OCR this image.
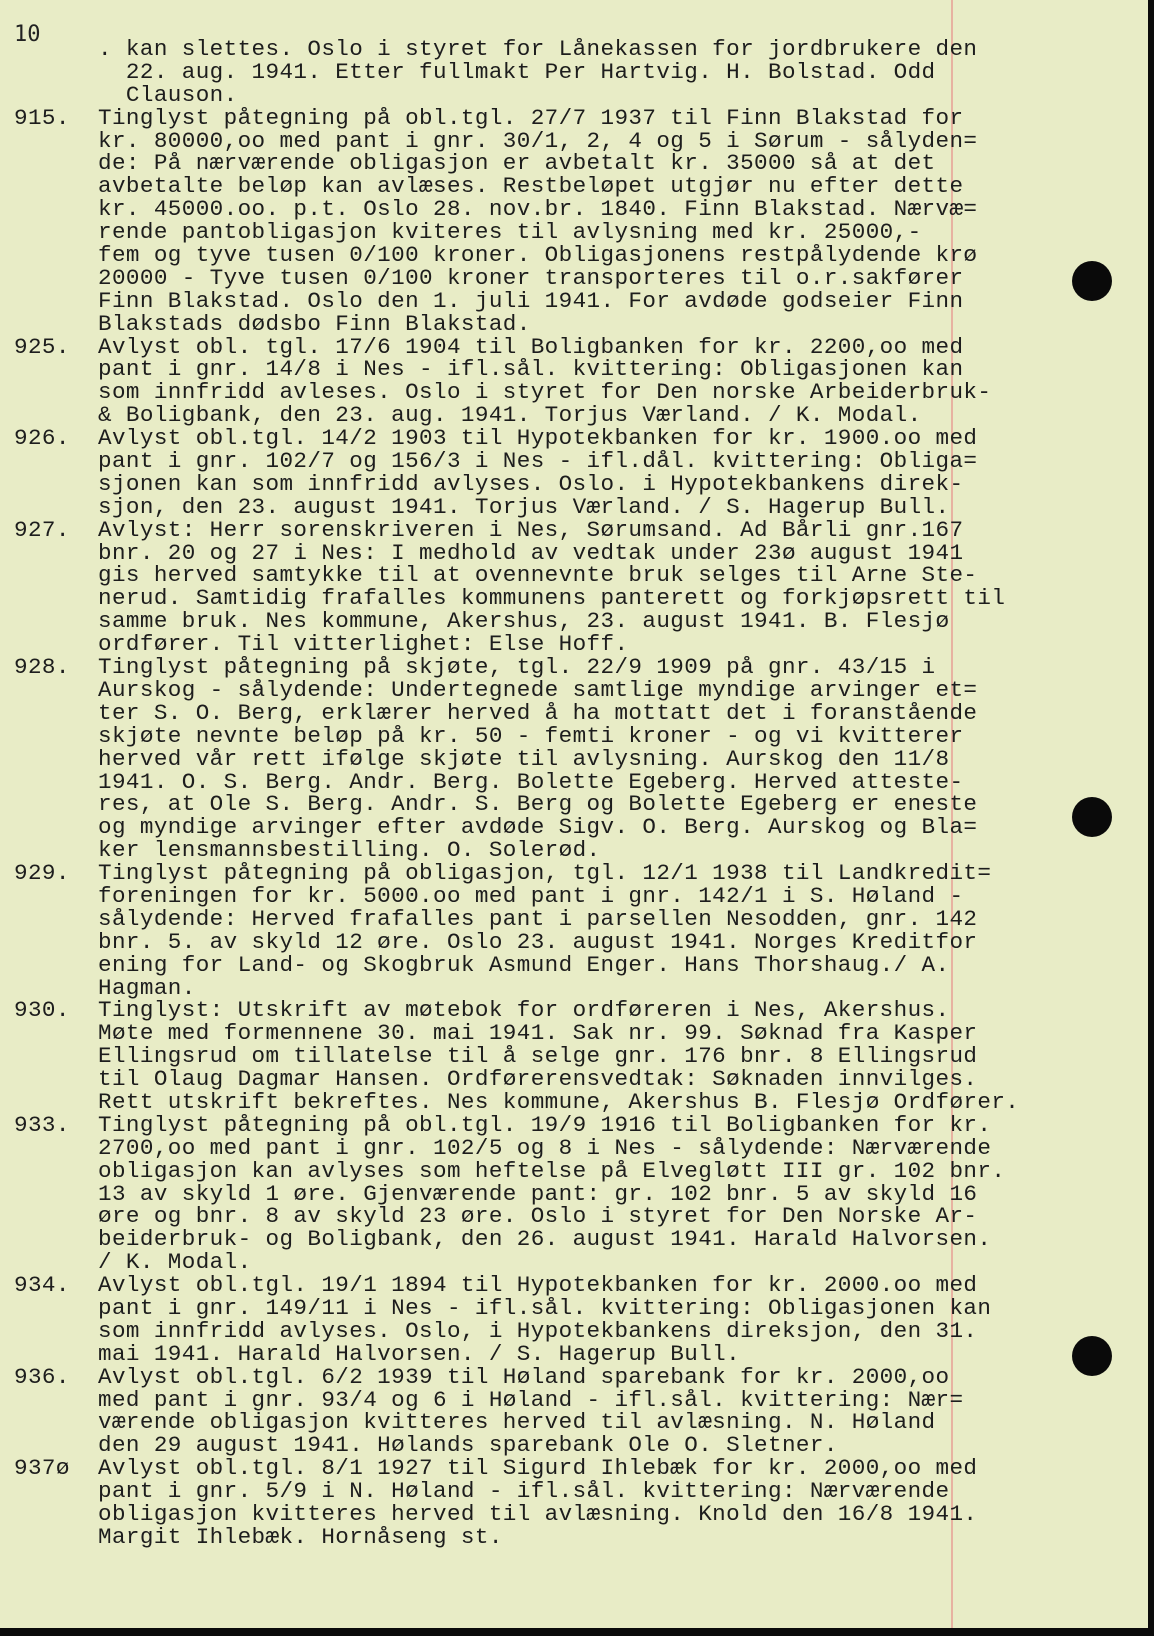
10
. kan slettes. Oslo i styret for Lånekassen for jordbrukere den
22. aug. 1941. Etter fullmakt Per Hartvig. H. Bolstad. Odd
Clauson.
915. Tinglyst påtegning på obl.tgl. 27/7 1937 til Finn Blakstad for
kr. 80000,oo med pant i gnr. 30/1, 2, 4 og 5 i Sørum - sålyden=
de: På nærværende obligasjon er avbetalt kr. 35000 så at det
avbetalte beløp kan avlæses. Restbeløpet utgjør nu efter dette
kr. 45000.oo. p.t. Oslo 28. nov.br. 1840. Finn Blakstad. Nærvæ=
rende pantobligasjon kviteres til avlysning med kr. 25000,-
fem og tyve tusen 0/100 kroner. Obligasjonens restpålydende krø
20000 - Tyve tusen 0/100 kroner transporteres til o.r.sakfører
Finn Blakstad. Oslo den 1. juli 1941. For avdøde godseier Finn
Blakstads dødsbo Finn Blakstad.
925. Avlyst obl. tgl. 17/6 1904 til Boligbanken for kr. 2200,oo med
pant i gnr. 14/8 i Nes - ifl.sål. kvittering: Obligasjonen kan
som innfridd avleses. Oslo i styret for Den norske Arbeiderbruk-
& Boligbank, den 23. aug. 1941. Torjus Værland. / K. Modal.
926. Avlyst obl.tgl. 14/2 1903 til Hypotekbanken for kr. 1900.oo med
pant i gnr. 102/7 og 156/3 i Nes - ifl.dål. kvittering: Obliga=
sjonen kan som innfridd avlyses. Oslo. i Hypotekbankens direk-
sjon, den 23. august 1941. Torjus Værland. / S. Hagerup Bull.
927. Avlyst: Herr sorenskriveren i Nes, Sørumsand. Ad Bårli gnr.167
bnr. 20 og 27 i Nes: I medhold av vedtak under 23ø august 1941
gis herved samtykke til at ovennevnte bruk selges til Arne Ste-
nerud. Samtidig frafalles kommunens panterett og forkjøpsrett til
samme bruk. Nes kommune, Akershus, 23. august 1941. B. Flesjø
ordfører. Til vitterlighet: Else Hoff.
928. Tinglyst påtegning på skjøte, tgl. 22/9 1909 på gnr. 43/15 i
Aurskog - sålydende: Undertegnede samtlige myndige arvinger et=
ter S. O. Berg, erklærer herved å ha mottatt det i foranstående
skjøte nevnte beløp på kr. 50 - femti kroner - og vi kvitterer
herved vår rett ifølge skjøte til avlysning. Aurskog den 11/8
1941. O. S. Berg. Andr. Berg. Bolette Egeberg. Herved atteste-
res, at Ole S. Berg. Andr. S. Berg og Bolette Egeberg er eneste
og myndige arvinger efter avdøde Sigv. O. Berg. Aurskog og Bla=
ker lensmannsbestilling. O. Solerød.
929. Tinglyst påtegning på obligasjon, tgl. 12/1 1938 til Landkredit=
foreningen for kr. 5000.oo med pant i gnr. 142/1 i S. Høland -
sålydende: Herved frafalles pant i parsellen Nesodden, gnr. 142
bnr. 5. av skyld 12 øre. Oslo 23. august 1941. Norges Kreditfor
ening for Land- og Skogbruk Asmund Enger. Hans Thorshaug./ A.
Hagman.
930. Tinglyst: Utskrift av møtebok for ordføreren i Nes, Akershus.
Møte med formennene 30. mai 1941. Sak nr. 99. Søknad fra Kasper
Ellingsrud om tillatelse til å selge gnr. 176 bnr. 8 Ellingsrud
til Olaug Dagmar Hansen. Ordførerensvedtak: Søknaden innvilges.
Rett utskrift bekreftes. Nes kommune, Akershus B. Flesjø Ordfører.
933. Tinglyst påtegning på obl.tgl. 19/9 1916 til Boligbanken for kr.
2700,oo med pant i gnr. 102/5 og 8 i Nes - sålydende: Nærværende
obligasjon kan avlyses som heftelse på Elvegløtt III gr. 102 bnr.
13 av skyld 1 øre. Gjenværende pant: gr. 102 bnr. 5 av skyld 16
øre og bnr. 8 av skyld 23 øre. Oslo i styret for Den Norske Ar-
beiderbruk- og Boligbank, den 26. august 1941. Harald Halvorsen.
/ K. Modal.
934. Avlyst obl.tgl. 19/1 1894 til Hypotekbanken for kr. 2000.oo med
pant i gnr. 149/11 i Nes - ifl.sål. kvittering: Obligasjonen kan
som innfridd avlyses. Oslo, i Hypotekbankens direksjon, den 31.
mai 1941. Harald Halvorsen. / S. Hagerup Bull.
936. Avlyst obl.tgl. 6/2 1939 til Høland sparebank for kr. 2000,oo
med pant i gnr. 93/4 og 6 i Høland - ifl.sål. kvittering: Nær=
værende obligasjon kvitteres herved til avlæsning. N. Høland
den 29 august 1941. Hølands sparebank Ole O. Sletner.
937ø Avlyst obl.tgl. 8/1 1927 til Sigurd Ihlebæk for kr. 2000,oo med
pant i gnr. 5/9 i N. Høland - ifl.sål. kvittering: Nærværende
obligasjon kvitteres herved til avlæsning. Knold den 16/8 1941.
Margit Ihlebæk. Hornåseng st.
